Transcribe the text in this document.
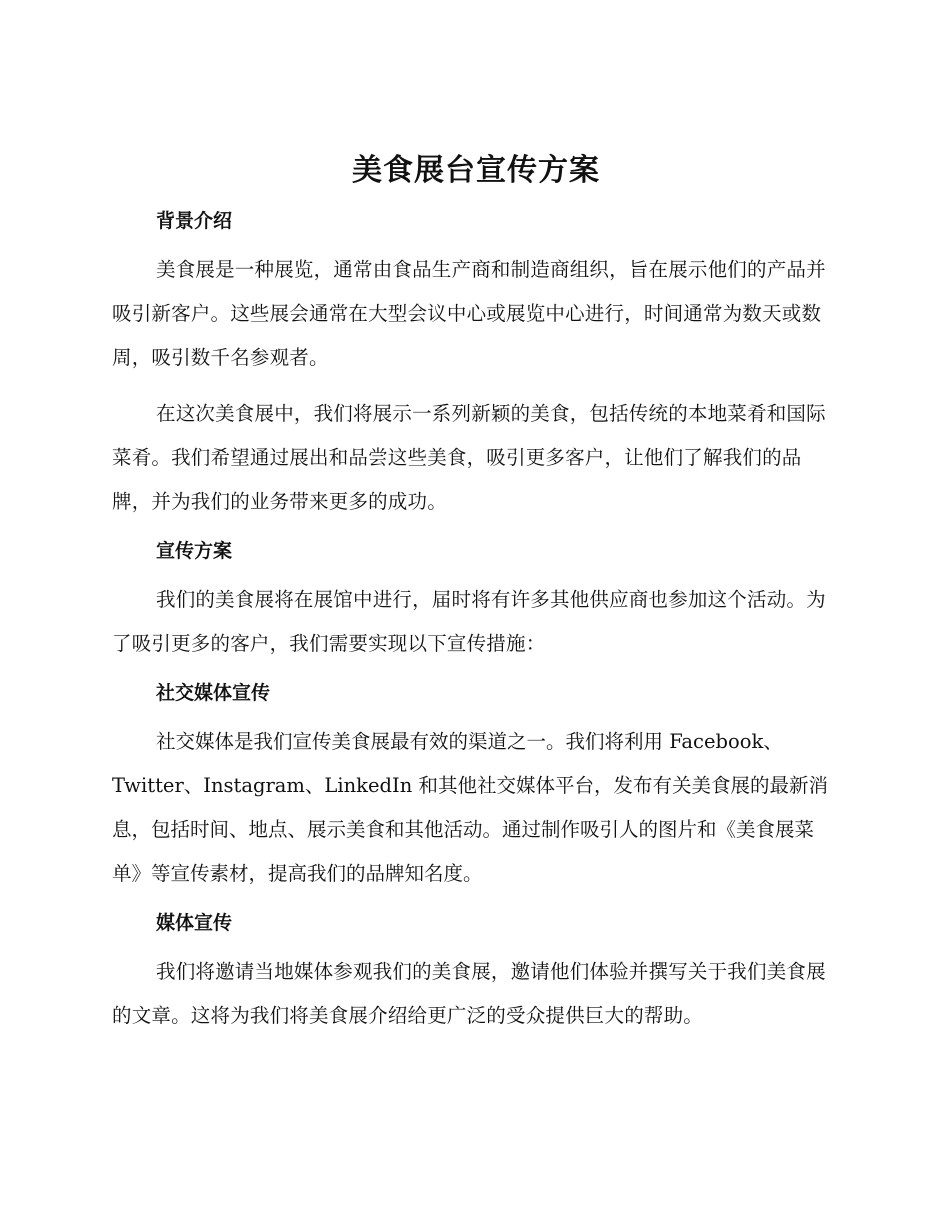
美食展台宣传方案
背景介绍

美食展是一种展览，通常由食品生产商和制造商组织，旨在展示他们的产品并吸引新客户。这些展会通常在大型会议中心或展览中心进行，时间通常为数天或数周，吸引数千名参观者。

在这次美食展中，我们将展示一系列新颖的美食，包括传统的本地菜肴和国际菜肴。我们希望通过展出和品尝这些美食，吸引更多客户，让他们了解我们的品牌，并为我们的业务带来更多的成功。

宣传方案

我们的美食展将在展馆中进行，届时将有许多其他供应商也参加这个活动。为了吸引更多的客户，我们需要实现以下宣传措施：

社交媒体宣传

社交媒体是我们宣传美食展最有效的渠道之一。我们将利用 Facebook、Twitter、Instagram、LinkedIn 和其他社交媒体平台，发布有关美食展的最新消息，包括时间、地点、展示美食和其他活动。通过制作吸引人的图片和《美食展菜单》等宣传素材，提高我们的品牌知名度。

媒体宣传

我们将邀请当地媒体参观我们的美食展，邀请他们体验并撰写关于我们美食展的文章。这将为我们将美食展介绍给更广泛的受众提供巨大的帮助。
